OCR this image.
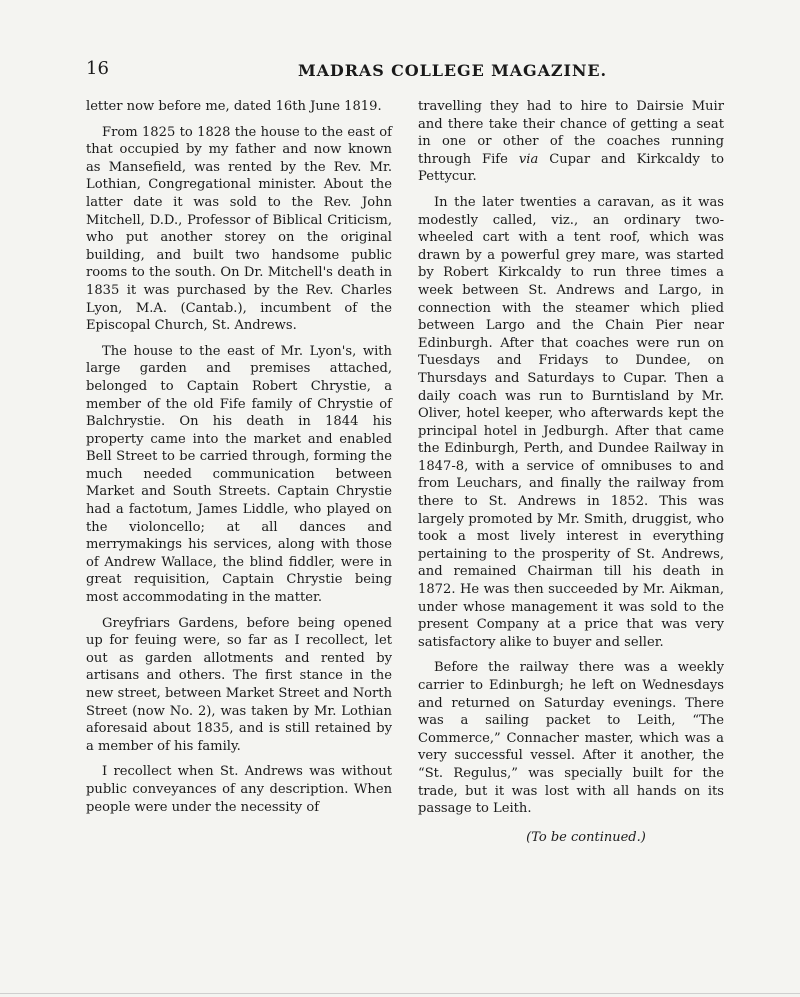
16	MADRAS COLLEGE MAGAZINE.

letter now before me, dated 16th June 1819.

From 1825 to 1828 the house to the east of that occupied by my father and now known as Mansefield, was rented by the Rev. Mr. Lothian, Congregational minister. About the latter date it was sold to the Rev. John Mitchell, D.D., Professor of Biblical Criticism, who put another storey on the original building, and built two handsome public rooms to the south. On Dr. Mitchell's death in 1835 it was purchased by the Rev. Charles Lyon, M.A. (Cantab.), incumbent of the Episcopal Church, St. Andrews.

The house to the east of Mr. Lyon's, with large garden and premises attached, belonged to Captain Robert Chrystie, a member of the old Fife family of Chrystie of Balchrystie. On his death in 1844 his property came into the market and enabled Bell Street to be carried through, forming the much needed communication between Market and South Streets. Captain Chrystie had a factotum, James Liddle, who played on the violoncello; at all dances and merrymakings his services, along with those of Andrew Wallace, the blind fiddler, were in great requisition, Captain Chrystie being most accommodating in the matter.

Greyfriars Gardens, before being opened up for feuing were, so far as I recollect, let out as garden allotments and rented by artisans and others. The first stance in the new street, between Market Street and North Street (now No. 2), was taken by Mr. Lothian aforesaid about 1835, and is still retained by a member of his family.

I recollect when St. Andrews was without public conveyances of any description. When people were under the necessity of

travelling they had to hire to Dairsie Muir and there take their chance of getting a seat in one or other of the coaches running through Fife via Cupar and Kirkcaldy to Pettycur.

In the later twenties a caravan, as it was modestly called, viz., an ordinary two-wheeled cart with a tent roof, which was drawn by a powerful grey mare, was started by Robert Kirkcaldy to run three times a week between St. Andrews and Largo, in connection with the steamer which plied between Largo and the Chain Pier near Edinburgh. After that coaches were run on Tuesdays and Fridays to Dundee, on Thursdays and Saturdays to Cupar. Then a daily coach was run to Burntisland by Mr. Oliver, hotel keeper, who afterwards kept the principal hotel in Jedburgh. After that came the Edinburgh, Perth, and Dundee Railway in 1847-8, with a service of omnibuses to and from Leuchars, and finally the railway from there to St. Andrews in 1852. This was largely promoted by Mr. Smith, druggist, who took a most lively interest in everything pertaining to the prosperity of St. Andrews, and remained Chairman till his death in 1872. He was then succeeded by Mr. Aikman, under whose management it was sold to the present Company at a price that was very satisfactory alike to buyer and seller.

Before the railway there was a weekly carrier to Edinburgh; he left on Wednesdays and returned on Saturday evenings. There was a sailing packet to Leith, “The Commerce,” Connacher master, which was a very successful vessel. After it another, the “St. Regulus,” was specially built for the trade, but it was lost with all hands on its passage to Leith.

(To be continued.)
